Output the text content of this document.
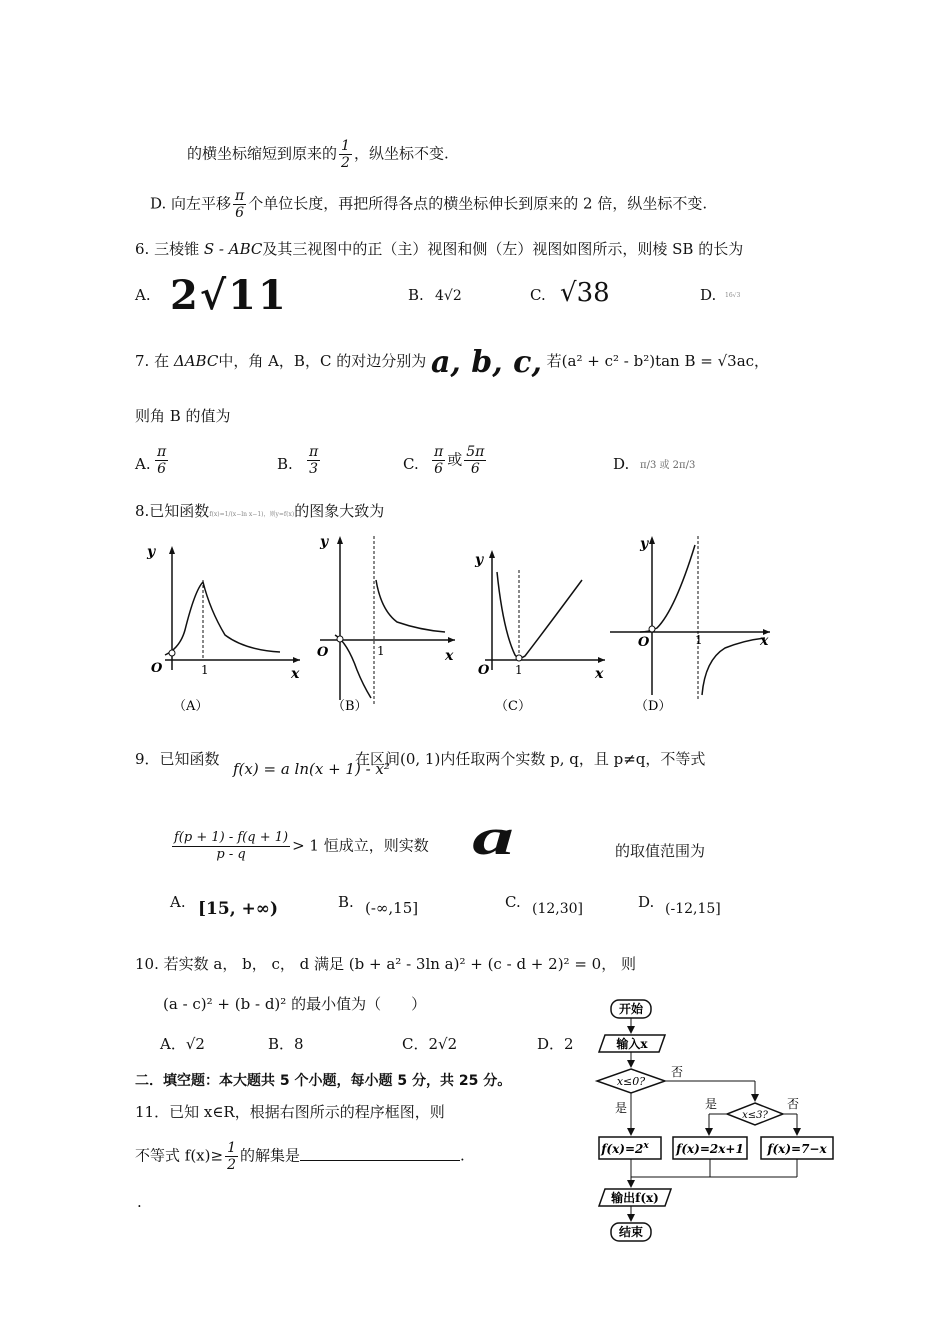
的横坐标缩短到原来的 $\frac{1}{2}$ ，纵坐标不变.
D. 向左平移 $\frac{\pi}{6}$ 个单位长度，再把所得各点的横坐标伸长到原来的 2 倍，纵坐标不变.
6. 三棱锥 S - ABC及其三视图中的正（主）视图和侧（左）视图如图所示，则棱 SB 的长为
A. 2√11	B. 4√2	C. √38	D. 16√3
7. 在 ΔABC中，角 A，B，C 的对边分别为 a, b, c, 若(a² + c² - b²)tan B = √3ac，
则角 B 的值为
A. $\frac{\pi}{6}$	B. $\frac{\pi}{3}$	C. $\frac{\pi}{6}$ 或 $\frac{5\pi}{6}$	D. π/3 或 2π/3
8.已知函数f(x)=1/(x−ln x−1)，则y=f(x)的图象大致为
y
x
O	1
（A）
y
x
O	1
（B）
y
x
O 1
（C）
y
x
O	1
（D）
9．已知函数
f(x) = a ln(x + 1) - x²
在区间(0, 1)内任取两个实数 p, q，且 p≠q，不等式
$\frac{f(p + 1) - f(q + 1)}{p - q} > 1$ 恒成立，则实数 a	的取值范围为
A. [15, +∞)	B. (-∞,15]	C. (12,30]	D. (-12,15]
10. 若实数 a， b， c， d 满足 (b + a² - 3ln a)² + (c - d + 2)² = 0， 则
(a - c)² + (b - d)² 的最小值为（　　）
A．√2	B．8	C．2√2	D．2
二．填空题：本大题共 5 个小题，每小题 5 分，共 25 分。
11．已知 x∈R，根据右图所示的程序框图，则
不等式 $f(x)\ge \frac{1}{2}$ 的解集是	.
.
开始
输入x
x≤0?
否
是
x≤3?
是	否
$f(x)=2^x$ f(x)=2x+1 f(x)=7−x
输出f(x)
结束
